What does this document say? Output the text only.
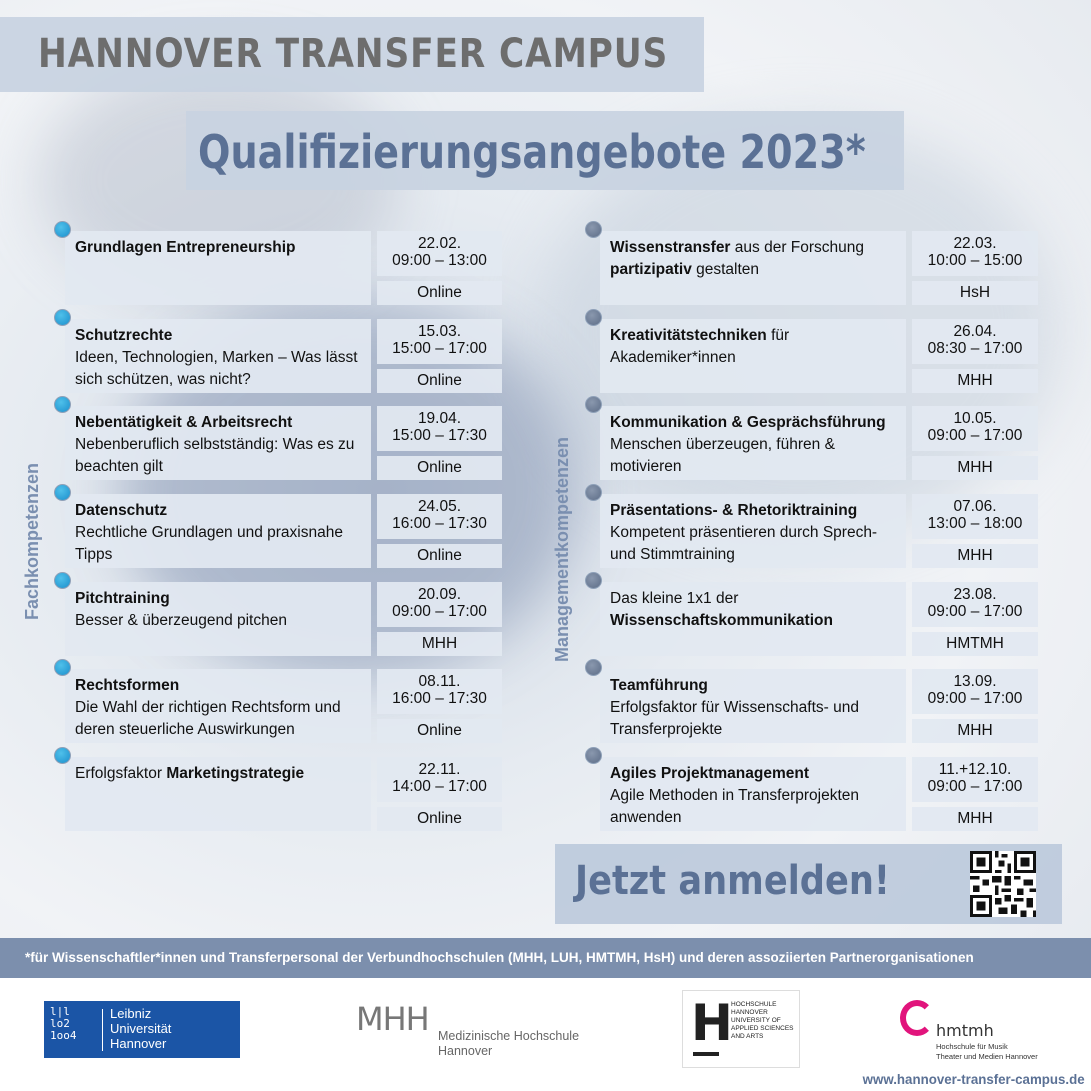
HANNOVER TRANSFER CAMPUS
Qualifizierungsangebote 2023*
Fachkompetenzen	Managementkompetenzen
Grundlagen Entrepreneurship	22.02.
09:00 – 13:00
Online
Schutzrechte
Ideen, Technologien, Marken – Was lässt sich schützen, was nicht?
15.03.
15:00 – 17:00
Online
Nebentätigkeit & Arbeitsrecht
Nebenberuflich selbstständig: Was es zu beachten gilt
19.04.
15:00 – 17:30
Online
Datenschutz
Rechtliche Grundlagen und praxisnahe Tipps
24.05.
16:00 – 17:30
Online
Pitchtraining
Besser & überzeugend pitchen
20.09.
09:00 – 17:00
MHH
Rechtsformen
Die Wahl der richtigen Rechtsform und deren steuerliche Auswirkungen
08.11.
16:00 – 17:30
Online
Erfolgsfaktor Marketingstrategie	22.11.
14:00 – 17:00
Online
Wissenstransfer aus der Forschung partizipativ gestalten
22.03.
10:00 – 15:00
HsH
Kreativitätstechniken für Akademiker*innen
26.04.
08:30 – 17:00
MHH
Kommunikation & Gesprächsführung
Menschen überzeugen, führen & motivieren
10.05.
09:00 – 17:00
MHH
Präsentations- & Rhetoriktraining
Kompetent präsentieren durch Sprech- und Stimmtraining
07.06.
13:00 – 18:00
MHH
Das kleine 1x1 der
Wissenschaftskommunikation
23.08.
09:00 – 17:00
HMTMH
Teamführung
Erfolgsfaktor für Wissenschafts- und Transferprojekte
13.09.
09:00 – 17:00
MHH
Agiles Projektmanagement
Agile Methoden in Transferprojekten anwenden
11.+12.10.
09:00 – 17:00
MHH
Jetzt anmelden!
*für Wissenschaftler*innen und Transferpersonal der Verbundhochschulen (MHH, LUH, HMTMH, HsH) und deren assoziierten Partnerorganisationen
l|l
lo2
1oo4
Leibniz
Universität
Hannover
MHH Medizinische Hochschule
Hannover	H
HOCHSCHULE
HANNOVER
UNIVERSITY OF
APPLIED SCIENCES
AND ARTS	hmtmh
Hochschule für Musik
Theater und Medien Hannover
www.hannover-transfer-campus.de
